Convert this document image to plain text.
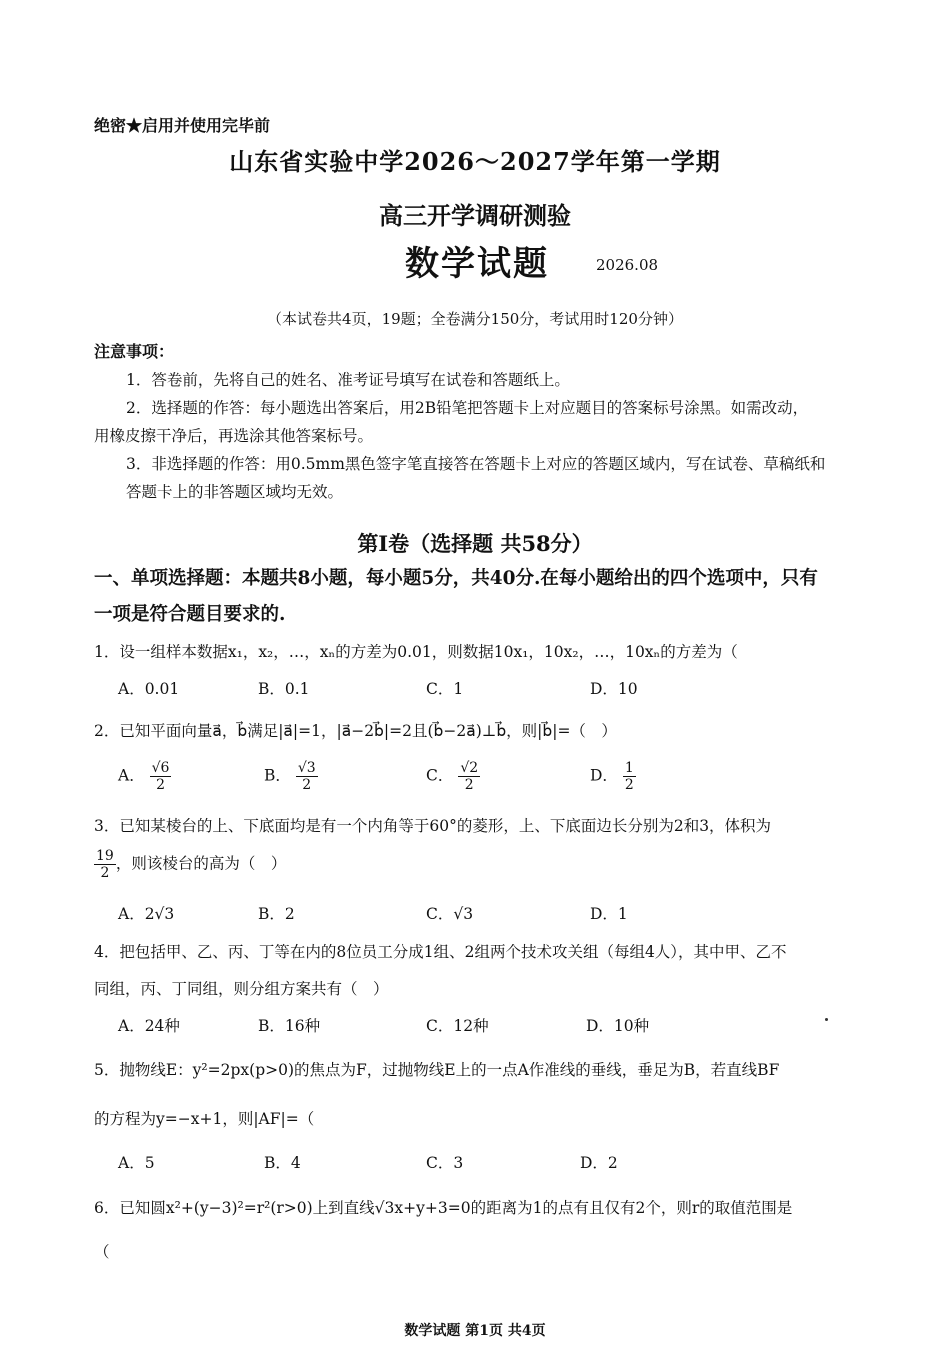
绝密★启用并使用完毕前
山东省实验中学2026～2027学年第一学期
高三开学调研测验
数学试题	2026.08
（本试卷共4页，19题；全卷满分150分，考试用时120分钟）
注意事项：
1．答卷前，先将自己的姓名、准考证号填写在试卷和答题纸上。
2．选择题的作答：每小题选出答案后，用2B铅笔把答题卡上对应题目的答案标号涂黑。如需改动，
用橡皮擦干净后，再选涂其他答案标号。
3．非选择题的作答：用0.5mm黑色签字笔直接答在答题卡上对应的答题区域内，写在试卷、草稿纸和
答题卡上的非答题区域均无效。
第Ⅰ卷（选择题 共58分）
一、单项选择题：本题共8小题，每小题5分，共40分.在每小题给出的四个选项中，只有
一项是符合题目要求的.
1．设一组样本数据x₁，x₂，…，xₙ的方差为0.01，则数据10x₁，10x₂，…，10xₙ的方差为（
A．0.01	B．0.1	C．1	D．10
2．已知平面向量a⃗，b⃗满足|a⃗|=1，|a⃗−2b⃗|=2且(b⃗−2a⃗)⊥b⃗，则|b⃗|=（　）
A． $\frac{√6}{2}$	B． $\frac{√3}{2}$	C． $\frac{√2}{2}$	D． $\frac{1}{2}$
3．已知某棱台的上、下底面均是有一个内角等于60°的菱形，上、下底面边长分别为2和3，体积为
$\frac{19}{2}$ ，则该棱台的高为（　）
A．2√3	B．2	C．√3	D．1
4．把包括甲、乙、丙、丁等在内的8位员工分成1组、2组两个技术攻关组（每组4人），其中甲、乙不
同组，丙、丁同组，则分组方案共有（　）
A．24种	B．16种	C．12种	D．10种
5．抛物线E：y²=2px(p>0)的焦点为F，过抛物线E上的一点A作准线的垂线，垂足为B，若直线BF
的方程为y=−x+1，则|AF|=（
A．5	B．4	C．3	D．2
6．已知圆x²+(y−3)²=r²(r>0)上到直线√3x+y+3=0的距离为1的点有且仅有2个，则r的取值范围是
（
数学试题 第1页 共4页
